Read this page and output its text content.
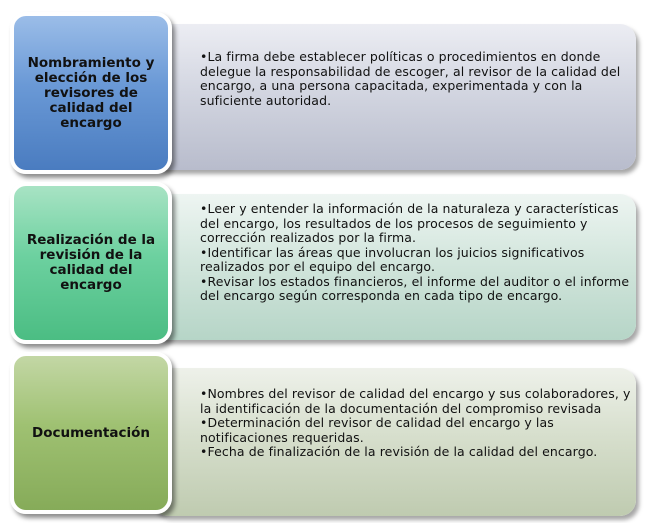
•La firma debe establecer políticas o procedimientos en donde delegue la responsabilidad de escoger, al revisor de la calidad del encargo, a una persona capacitada, experimentada y con la suficiente autoridad.

Nombramiento y elección de los revisores de calidad del encargo

•Leer y entender la información de la naturaleza y características del encargo, los resultados de los procesos de seguimiento y corrección realizados por la firma.

•Identificar las áreas que involucran los juicios significativos realizados por el equipo del encargo.

•Revisar los estados financieros, el informe del auditor o el informe del encargo según corresponda en cada tipo de encargo.

Realización de la revisión de la calidad del encargo

•Nombres del revisor de calidad del encargo y sus colaboradores, y la identificación de la documentación del compromiso revisada

•Determinación del revisor de calidad del encargo y las notificaciones requeridas.

•Fecha de finalización de la revisión de la calidad del encargo.

Documentación
